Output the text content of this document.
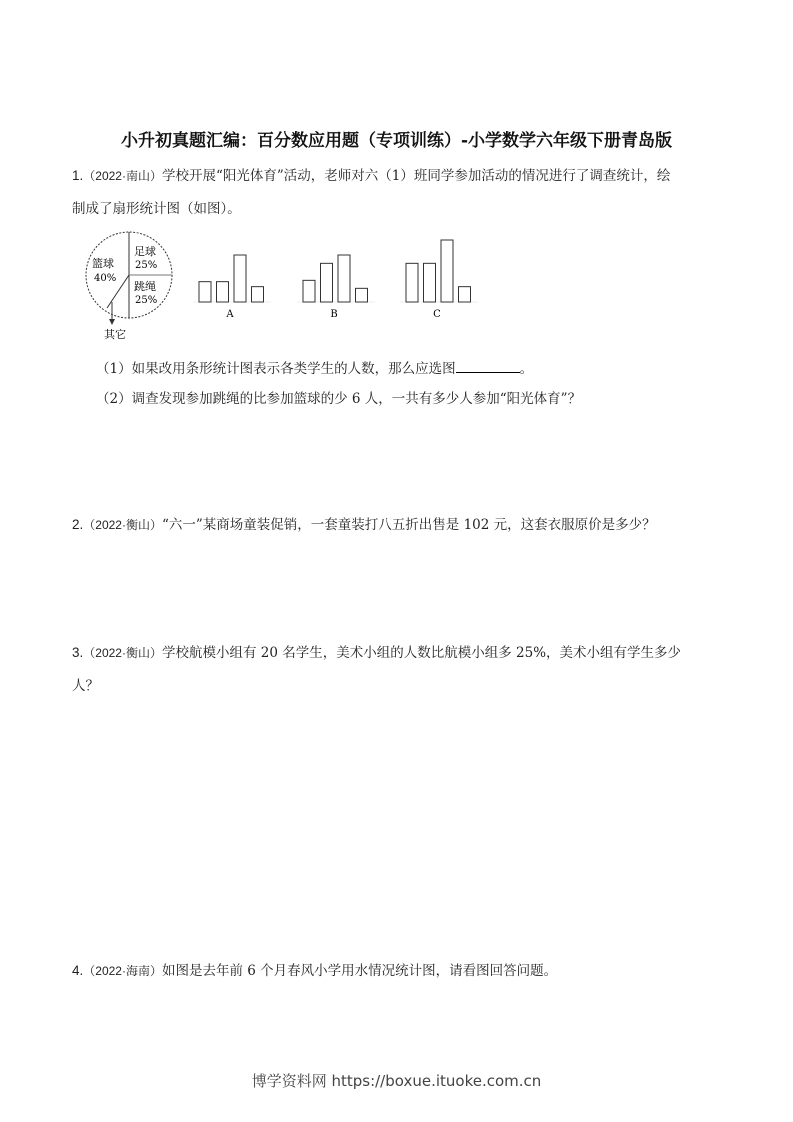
小升初真题汇编：百分数应用题（专项训练）-小学数学六年级下册青岛版
1.（2022·南山）学校开展“阳光体育”活动，老师对六（1）班同学参加活动的情况进行了调查统计，绘
制成了扇形统计图（如图）。
篮球
40%
足球
25%
跳绳
25%
其它
A	B	C
（1）如果改用条形统计图表示各类学生的人数，那么应选图	。
（2）调查发现参加跳绳的比参加篮球的少 6 人，一共有多少人参加“阳光体育”？
2.（2022·衡山）“六一”某商场童装促销，一套童装打八五折出售是 102 元，这套衣服原价是多少？
3.（2022·衡山）学校航模小组有 20 名学生，美术小组的人数比航模小组多 25%，美术小组有学生多少
人？
4.（2022·海南）如图是去年前 6 个月春风小学用水情况统计图，请看图回答问题。
博学资料网 https://boxue.ituoke.com.cn
